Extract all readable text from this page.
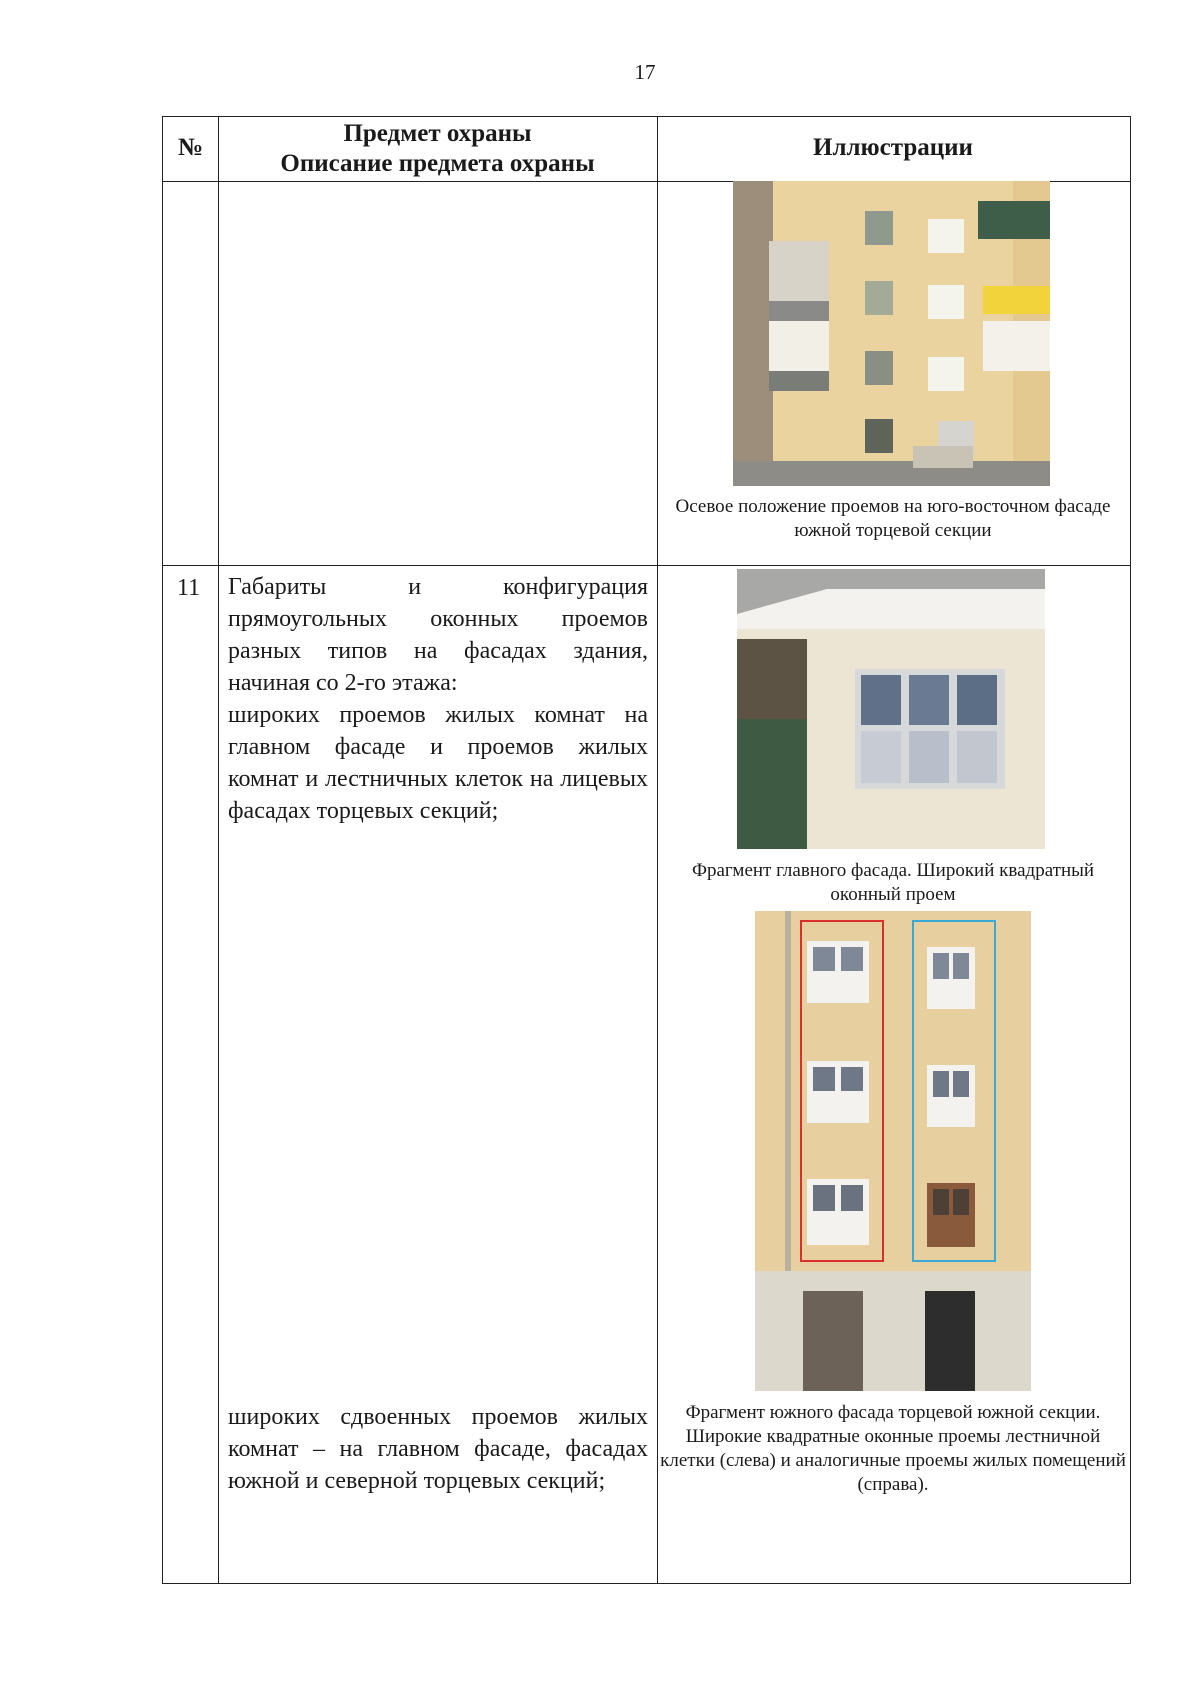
17
№
Предмет охраны
Описание предмета охраны
Иллюстрации
Осевое положение проемов на юго-восточном фасаде южной торцевой секции
11 Габариты и конфигурация прямоугольных оконных проемов разных типов на фасадах здания, начиная со 2-го этажа:
широких проемов жилых комнат на главном фасаде и проемов жилых комнат и лестничных клеток на лицевых фасадах торцевых секций;
широких сдвоенных проемов жилых комнат – на главном фасаде, фасадах южной и северной торцевых секций;
Фрагмент главного фасада. Широкий квадратный оконный проем
Фрагмент южного фасада торцевой южной секции. Широкие квадратные оконные проемы лестничной клетки (слева) и аналогичные проемы жилых помещений (справа).
